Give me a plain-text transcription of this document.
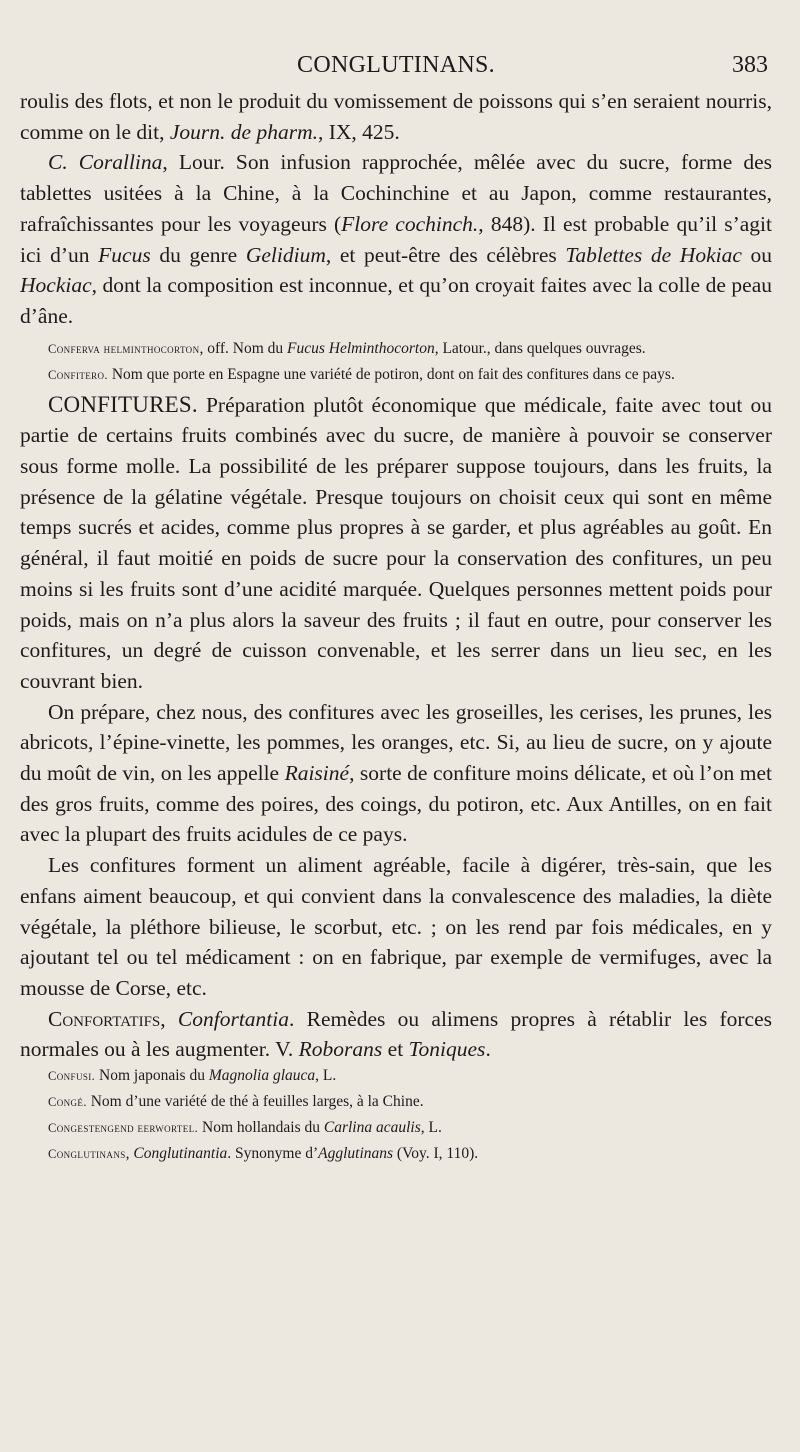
CONGLUTINANS.	383

roulis des flots, et non le produit du vomissement de poissons qui s’en seraient nourris, comme on le dit, Journ. de pharm., IX, 425.

C. Corallina, Lour. Son infusion rapprochée, mêlée avec du sucre, forme des tablettes usitées à la Chine, à la Cochinchine et au Japon, comme restaurantes, rafraîchissantes pour les voyageurs (Flore cochinch., 848). Il est probable qu’il s’agit ici d’un Fucus du genre Gelidium, et peut-être des célèbres Tablettes de Hokiac ou Hockiac, dont la composition est inconnue, et qu’on croyait faites avec la colle de peau d’âne.

Conferva helminthocorton, off. Nom du Fucus Helminthocorton, Latour., dans quelques ouvrages.

Confitero. Nom que porte en Espagne une variété de potiron, dont on fait des confitures dans ce pays.

CONFITURES. Préparation plutôt économique que médicale, faite avec tout ou partie de certains fruits combinés avec du sucre, de manière à pouvoir se conserver sous forme molle. La possibilité de les préparer suppose toujours, dans les fruits, la présence de la gélatine végétale. Presque toujours on choisit ceux qui sont en même temps sucrés et acides, comme plus propres à se garder, et plus agréables au goût. En général, il faut moitié en poids de sucre pour la conservation des confitures, un peu moins si les fruits sont d’une acidité marquée. Quelques personnes mettent poids pour poids, mais on n’a plus alors la saveur des fruits ; il faut en outre, pour conserver les confitures, un degré de cuisson convenable, et les serrer dans un lieu sec, en les couvrant bien.

On prépare, chez nous, des confitures avec les groseilles, les cerises, les prunes, les abricots, l’épine-vinette, les pommes, les oranges, etc. Si, au lieu de sucre, on y ajoute du moût de vin, on les appelle Raisiné, sorte de confiture moins délicate, et où l’on met des gros fruits, comme des poires, des coings, du potiron, etc. Aux Antilles, on en fait avec la plupart des fruits acidules de ce pays.

Les confitures forment un aliment agréable, facile à digérer, très-sain, que les enfans aiment beaucoup, et qui convient dans la convalescence des maladies, la diète végétale, la pléthore bilieuse, le scorbut, etc. ; on les rend par fois médicales, en y ajoutant tel ou tel médicament : on en fabrique, par exemple de vermifuges, avec la mousse de Corse, etc.

Confortatifs, Confortantia. Remèdes ou alimens propres à rétablir les forces normales ou à les augmenter. V. Roborans et Toniques.

Confusi. Nom japonais du Magnolia glauca, L.

Congé. Nom d’une variété de thé à feuilles larges, à la Chine.

Congestengend eerwortel. Nom hollandais du Carlina acaulis, L.

Conglutinans, Conglutinantia. Synonyme d’Agglutinans (Voy. I, 110).
